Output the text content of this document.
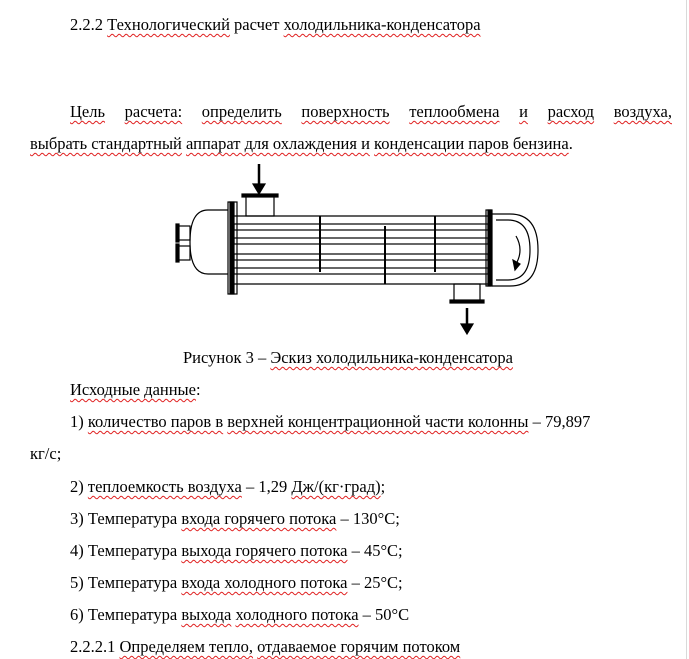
2.2.2 Технологический расчет холодильника-конденсатора
Цель расчета: определить поверхность теплообмена и расход воздуха,
выбрать стандартный аппарат для охлаждения и конденсации паров бензина.
Рисунок 3 – Эскиз холодильника-конденсатора
Исходные данные:
1) количество паров в верхней концентрационной части колонны – 79,897
кг/с;
2) теплоемкость воздуха – 1,29 Дж/(кг·град);
3) Температура входа горячего потока – 130°C;
4) Температура выхода горячего потока – 45°C;
5) Температура входа холодного потока – 25°C;
6) Температура выхода холодного потока – 50°C
2.2.2.1 Определяем тепло, отдаваемое горячим потоком
